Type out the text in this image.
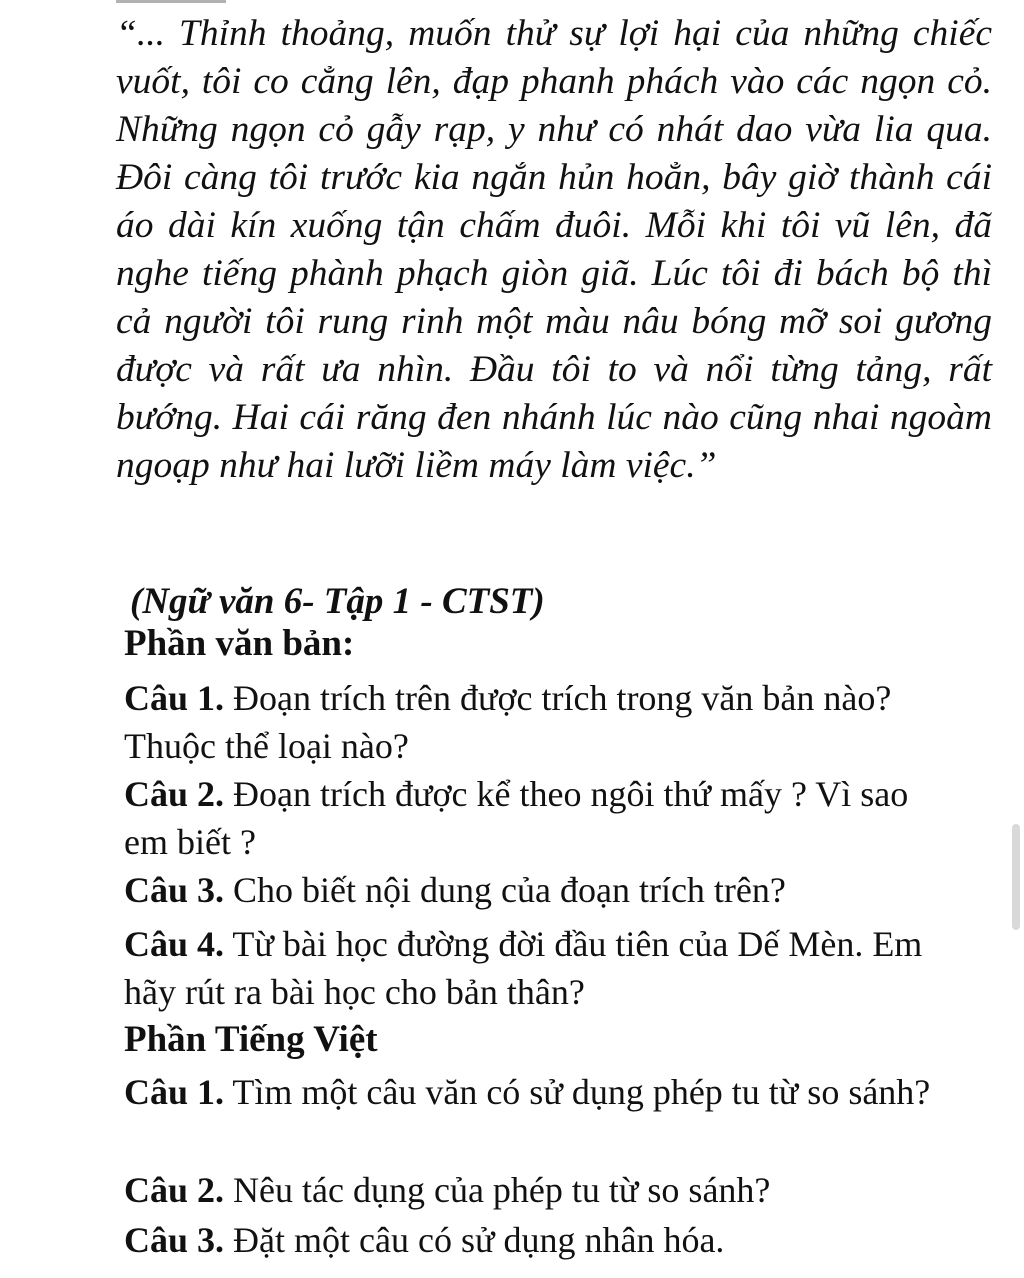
“... Thỉnh thoảng, muốn thử sự lợi hại của những chiếc vuốt, tôi co cẳng lên, đạp phanh phách vào các ngọn cỏ. Những ngọn cỏ gẫy rạp, y như có nhát dao vừa lia qua. Đôi càng tôi trước kia ngắn hủn hoẳn, bây giờ thành cái áo dài kín xuống tận chấm đuôi. Mỗi khi tôi vũ lên, đã nghe tiếng phành phạch giòn giã. Lúc tôi đi bách bộ thì cả người tôi rung rinh một màu nâu bóng mỡ soi gương được và rất ưa nhìn. Đầu tôi to và nổi từng tảng, rất bướng. Hai cái răng đen nhánh lúc nào cũng nhai ngoàm ngoạp như hai lưỡi liềm máy làm việc.”

(Ngữ văn 6- Tập 1 - CTST)

Phần văn bản:

Câu 1. Đoạn trích trên được trích trong văn bản nào? Thuộc thể loại nào?

Câu 2. Đoạn trích được kể theo ngôi thứ mấy ? Vì sao em biết ?

Câu 3. Cho biết nội dung của đoạn trích trên?

Câu 4. Từ bài học đường đời đầu tiên của Dế Mèn. Em hãy rút ra bài học cho bản thân?

Phần Tiếng Việt

Câu 1. Tìm một câu văn có sử dụng phép tu từ so sánh?

Câu 2. Nêu tác dụng của phép tu từ so sánh?

Câu 3. Đặt một câu có sử dụng nhân hóa.
